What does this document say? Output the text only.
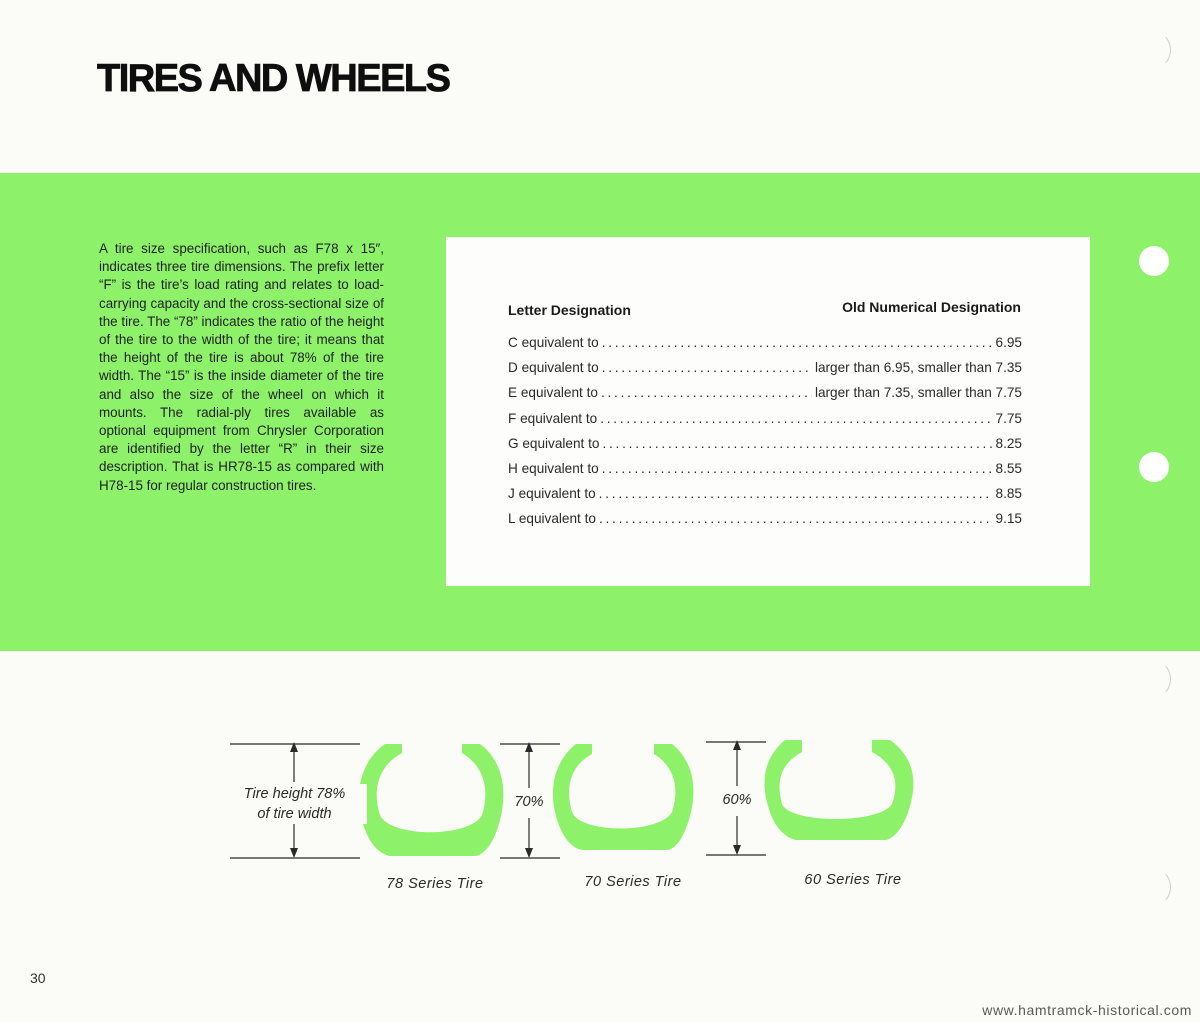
TIRES AND WHEELS

A tire size specification, such as F78 x 15″, indicates three tire dimensions. The prefix letter “F” is the tire’s load rating and relates to load-carrying capacity and the cross-sectional size of the tire. The “78” indicates the ratio of the height of the tire to the width of the tire; it means that the height of the tire is about 78% of the tire width. The “15” is the inside diameter of the tire and also the size of the wheel on which it mounts. The radial-ply tires available as optional equipment from Chrysler Corporation are identified by the letter “R” in their size description. That is HR78-15 as compared with H78-15 for regular construction tires.

Letter Designation	Old Numerical Designation
C equivalent to . . .	6.95
D equivalent to . . .	larger than 6.95, smaller than 7.35
E equivalent to . . .	larger than 7.35, smaller than 7.75
F equivalent to . . .	7.75
G equivalent to . . .	8.25
H equivalent to . . .	8.55
J equivalent to . . .	8.85
L equivalent to . . .	9.15
Tire height 78%
of tire width
70%	60%
78 Series Tire	70 Series Tire	60 Series Tire
30
www.hamtramck-historical.com
